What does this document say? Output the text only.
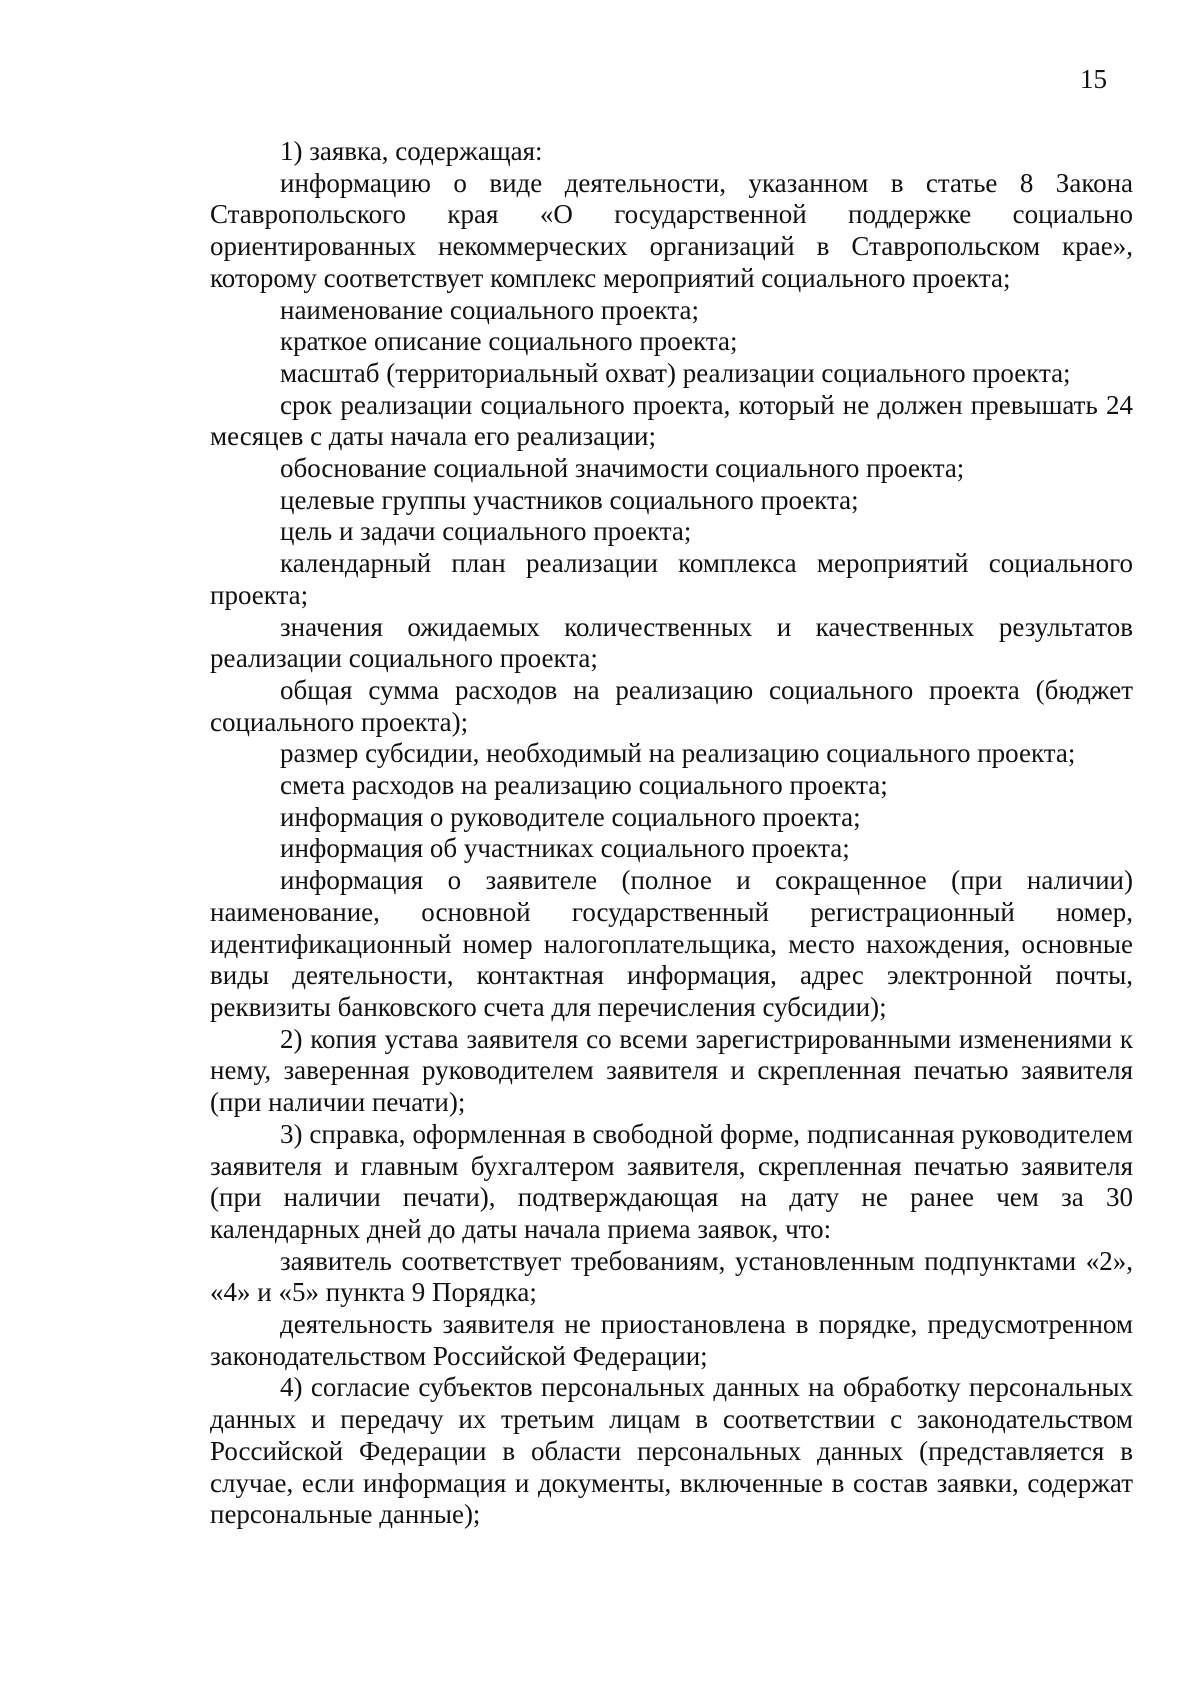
15

1) заявка, содержащая:

информацию о виде деятельности, указанном в статье 8 Закона Ставропольского края «О государственной поддержке социально ориентированных некоммерческих организаций в Ставропольском крае», которому соответствует комплекс мероприятий социального проекта;

наименование социального проекта;

краткое описание социального проекта;

масштаб (территориальный охват) реализации социального проекта;

срок реализации социального проекта, который не должен превышать 24 месяцев с даты начала его реализации;

обоснование социальной значимости социального проекта;

целевые группы участников социального проекта;

цель и задачи социального проекта;

календарный план реализации комплекса мероприятий социального проекта;

значения ожидаемых количественных и качественных результатов реализации социального проекта;

общая сумма расходов на реализацию социального проекта (бюджет социального проекта);

размер субсидии, необходимый на реализацию социального проекта;

смета расходов на реализацию социального проекта;

информация о руководителе социального проекта;

информация об участниках социального проекта;

информация о заявителе (полное и сокращенное (при наличии) наименование, основной государственный регистрационный номер, идентификационный номер налогоплательщика, место нахождения, основные виды деятельности, контактная информация, адрес электронной почты, реквизиты банковского счета для перечисления субсидии);

2) копия устава заявителя со всеми зарегистрированными изменениями к нему, заверенная руководителем заявителя и скрепленная печатью заявителя (при наличии печати);

3) справка, оформленная в свободной форме, подписанная руководителем заявителя и главным бухгалтером заявителя, скрепленная печатью заявителя (при наличии печати), подтверждающая на дату не ранее чем за 30 календарных дней до даты начала приема заявок, что:

заявитель соответствует требованиям, установленным подпунктами «2», «4» и «5» пункта 9 Порядка;

деятельность заявителя не приостановлена в порядке, предусмотренном законодательством Российской Федерации;

4) согласие субъектов персональных данных на обработку персональных данных и передачу их третьим лицам в соответствии с законодательством Российской Федерации в области персональных данных (представляется в случае, если информация и документы, включенные в состав заявки, содержат персональные данные);
